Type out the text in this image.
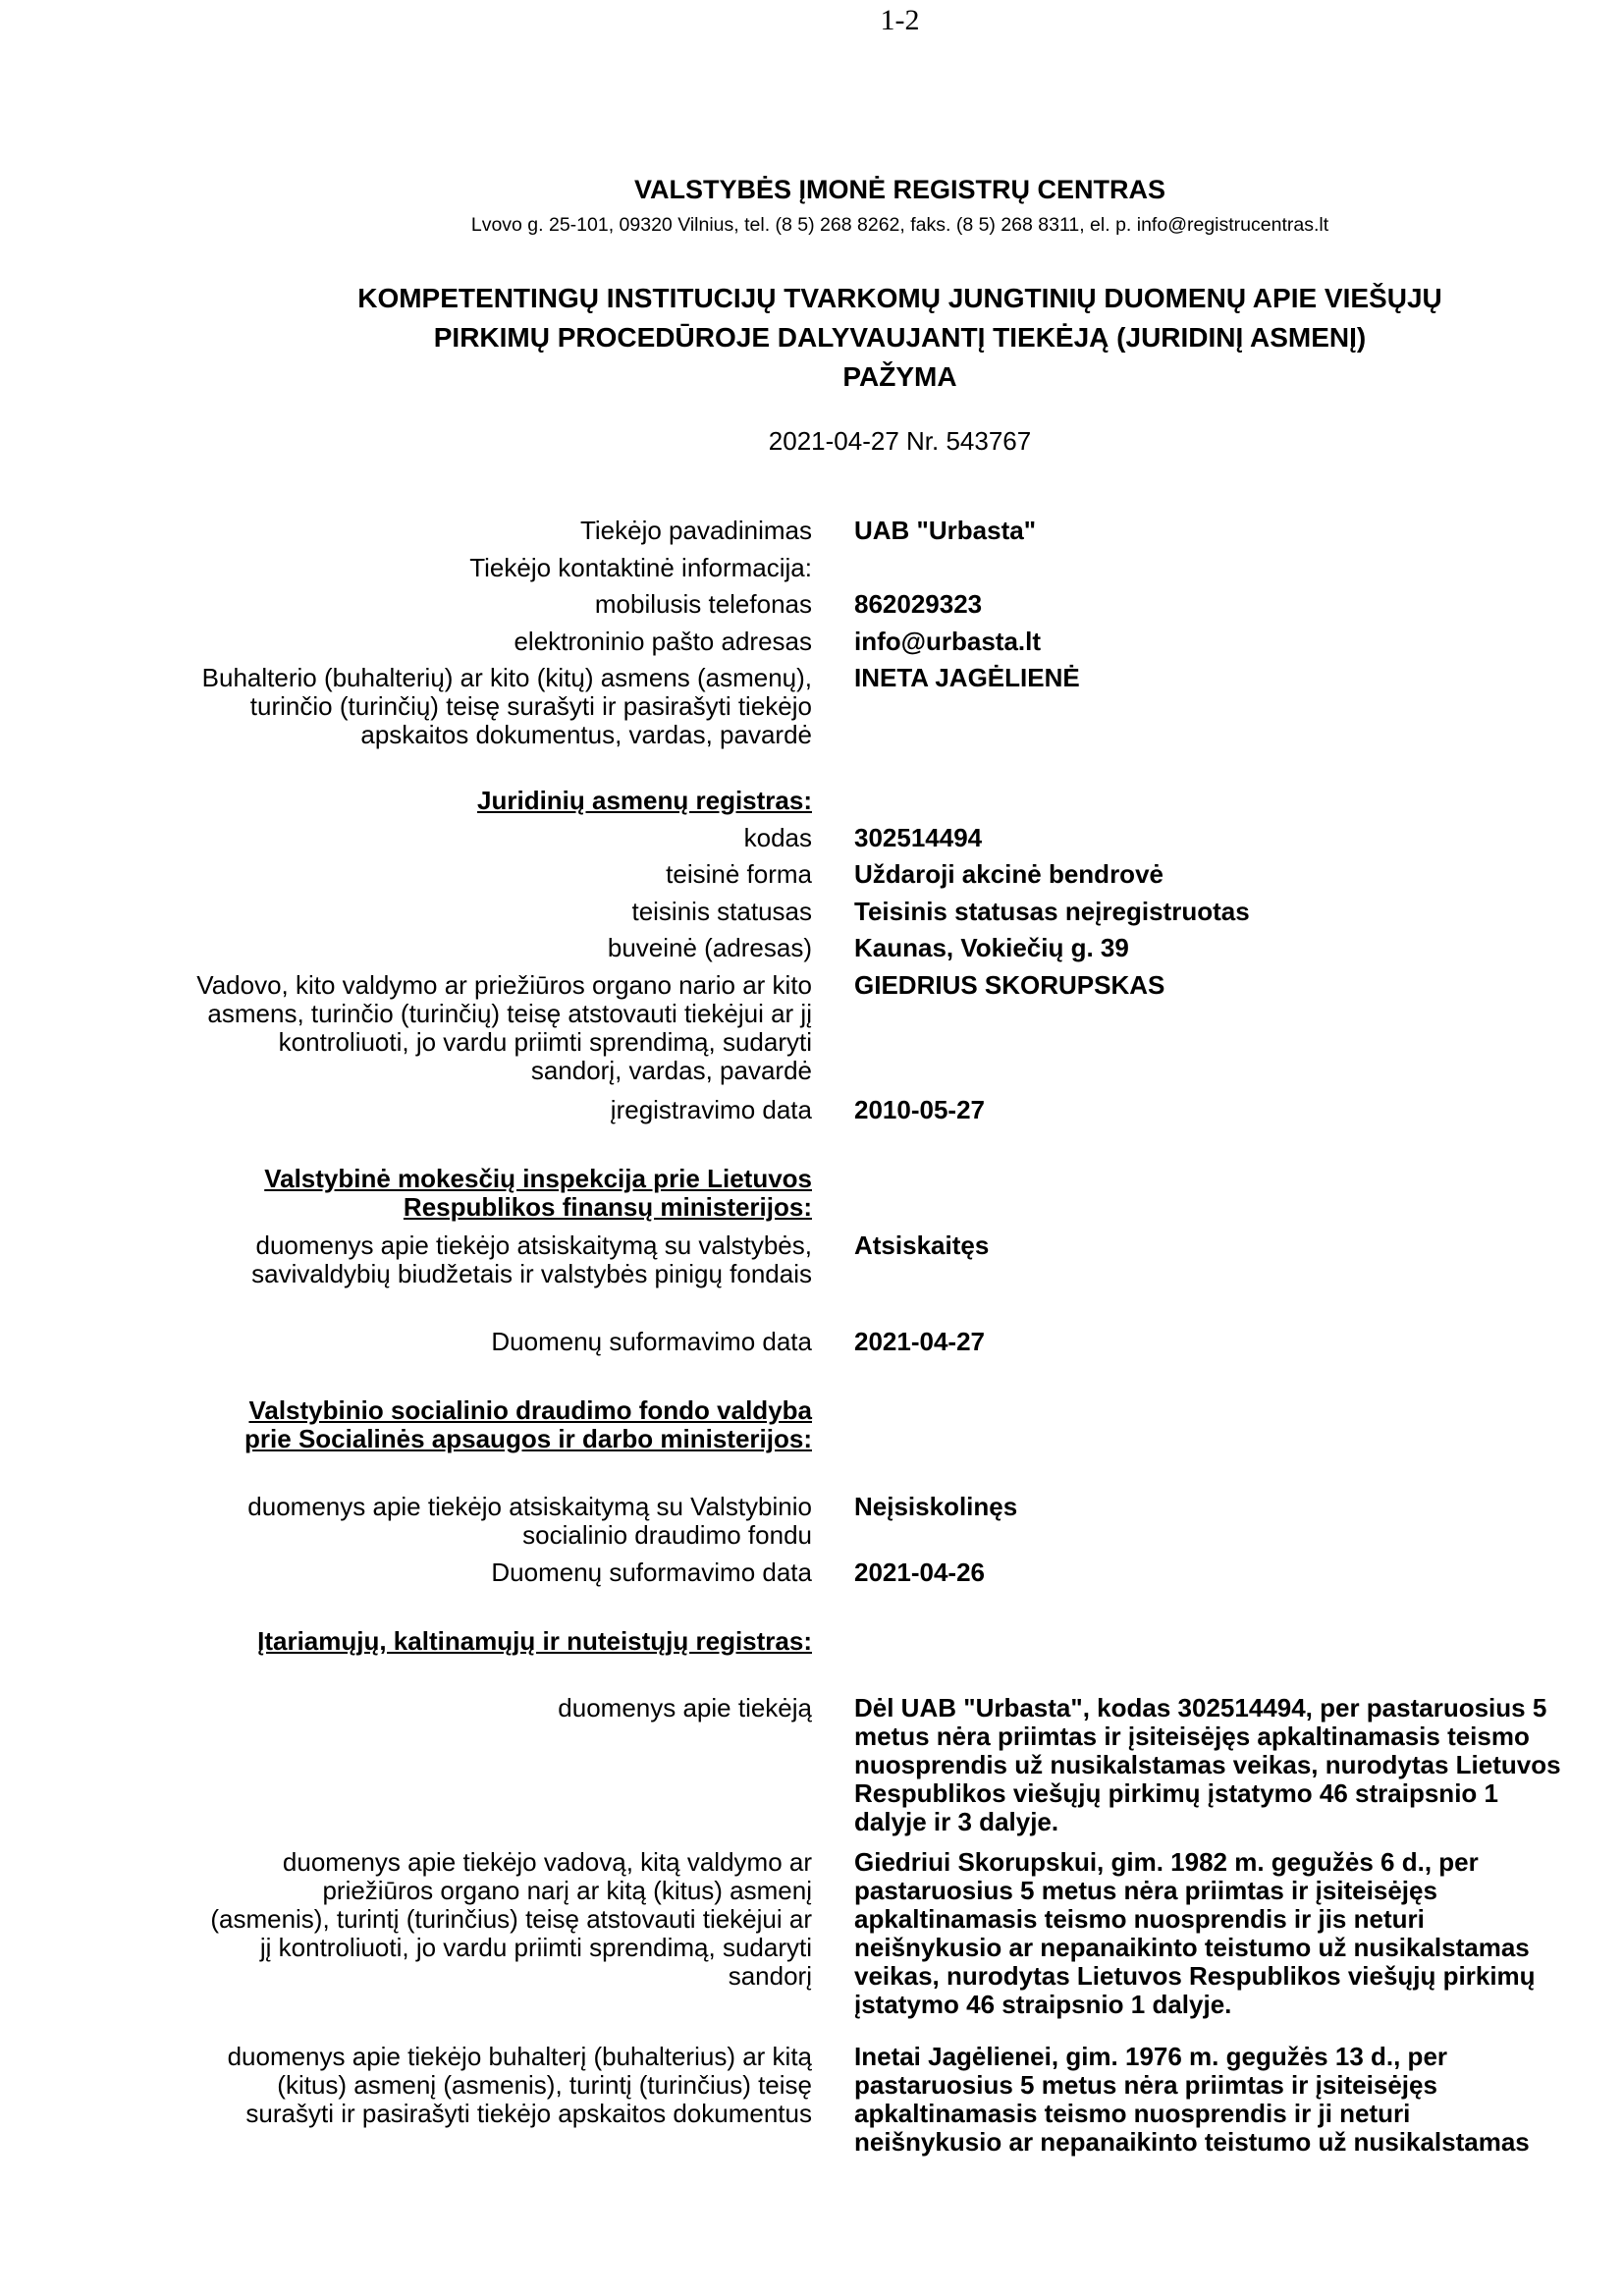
1-2
VALSTYBĖS ĮMONĖ REGISTRŲ CENTRAS
Lvovo g. 25-101, 09320 Vilnius, tel. (8 5) 268 8262, faks. (8 5) 268 8311, el. p. info@registrucentras.lt
KOMPETENTINGŲ INSTITUCIJŲ TVARKOMŲ JUNGTINIŲ DUOMENŲ APIE VIEŠŲJŲ
PIRKIMŲ PROCEDŪROJE DALYVAUJANTĮ TIEKĖJĄ (JURIDINĮ ASMENĮ)
PAŽYMA
2021-04-27 Nr. 543767
Tiekėjo pavadinimas UAB "Urbasta"
Tiekėjo kontaktinė informacija:
mobilusis telefonas 862029323
elektroninio pašto adresas info@urbasta.lt
Buhalterio (buhalterių) ar kito (kitų) asmens (asmenų), turinčio (turinčių) teisę surašyti ir pasirašyti tiekėjo apskaitos dokumentus, vardas, pavardė
INETA JAGĖLIENĖ
Juridinių asmenų registras:
kodas 302514494
teisinė forma Uždaroji akcinė bendrovė
teisinis statusas Teisinis statusas neįregistruotas
buveinė (adresas) Kaunas, Vokiečių g. 39
Vadovo, kito valdymo ar priežiūros organo nario ar kito asmens, turinčio (turinčių) teisę atstovauti tiekėjui ar jį kontroliuoti, jo vardu priimti sprendimą, sudaryti sandorį, vardas, pavardė
GIEDRIUS SKORUPSKAS
įregistravimo data 2010-05-27
Valstybinė mokesčių inspekcija prie Lietuvos Respublikos finansų ministerijos:
duomenys apie tiekėjo atsiskaitymą su valstybės, savivaldybių biudžetais ir valstybės pinigų fondais
Atsiskaitęs
Duomenų suformavimo data 2021-04-27
Valstybinio socialinio draudimo fondo valdyba prie Socialinės apsaugos ir darbo ministerijos:
duomenys apie tiekėjo atsiskaitymą su Valstybinio socialinio draudimo fondu
Neįsiskolinęs
Duomenų suformavimo data 2021-04-26
Įtariamųjų, kaltinamųjų ir nuteistųjų registras:
duomenys apie tiekėją Dėl UAB "Urbasta", kodas 302514494, per pastaruosius 5 metus nėra priimtas ir įsiteisėjęs apkaltinamasis teismo nuosprendis už nusikalstamas veikas, nurodytas Lietuvos Respublikos viešųjų pirkimų įstatymo 46 straipsnio 1 dalyje ir 3 dalyje.
duomenys apie tiekėjo vadovą, kitą valdymo ar priežiūros organo narį ar kitą (kitus) asmenį (asmenis), turintį (turinčius) teisę atstovauti tiekėjui ar jį kontroliuoti, jo vardu priimti sprendimą, sudaryti sandorį
Giedriui Skorupskui, gim. 1982 m. gegužės 6 d., per pastaruosius 5 metus nėra priimtas ir įsiteisėjęs apkaltinamasis teismo nuosprendis ir jis neturi neišnykusio ar nepanaikinto teistumo už nusikalstamas veikas, nurodytas Lietuvos Respublikos viešųjų pirkimų įstatymo 46 straipsnio 1 dalyje.
duomenys apie tiekėjo buhalterį (buhalterius) ar kitą (kitus) asmenį (asmenis), turintį (turinčius) teisę surašyti ir pasirašyti tiekėjo apskaitos dokumentus
Inetai Jagėlienei, gim. 1976 m. gegužės 13 d., per pastaruosius 5 metus nėra priimtas ir įsiteisėjęs apkaltinamasis teismo nuosprendis ir ji neturi neišnykusio ar nepanaikinto teistumo už nusikalstamas
